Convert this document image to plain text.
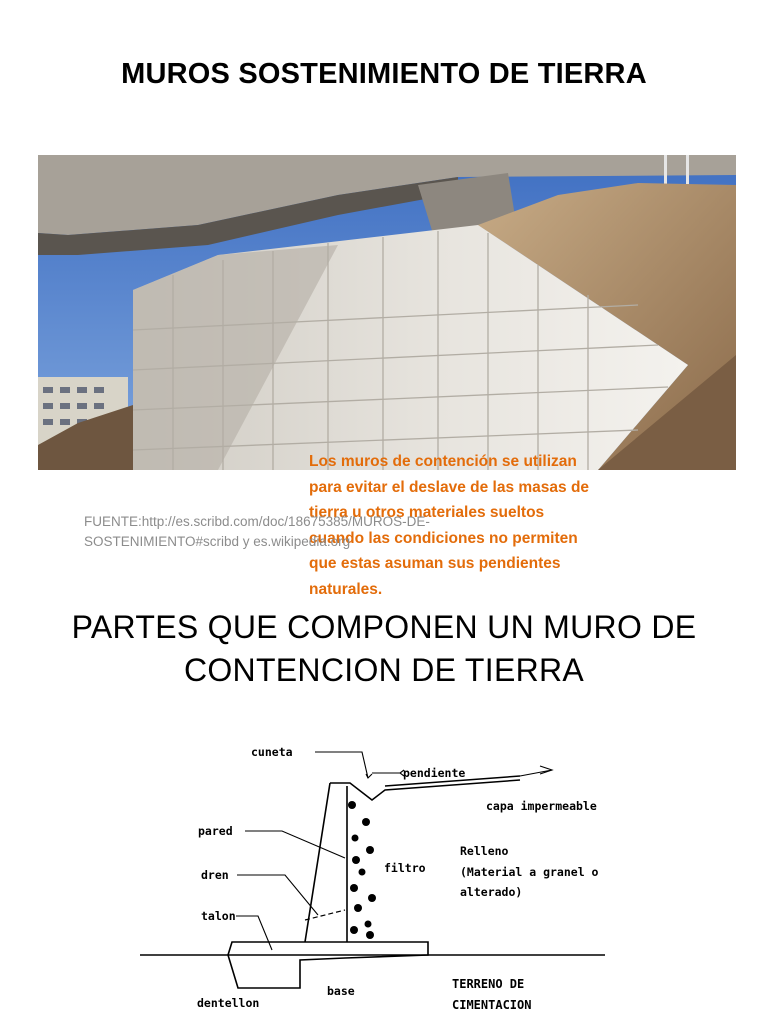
MUROS SOSTENIMIENTO DE TIERRA
Los muros de contención se utilizan
para evitar el deslave de las masas de
tierra u otros materiales sueltos
cuando las condiciones no permiten
que estas asuman sus pendientes
naturales.
FUENTE:http://es.scribd.com/doc/18675385/MUROS-DE-
SOSTENIMIENTO#scribd y es.wikipedia.org
PARTES QUE COMPONEN UN MURO DE
CONTENCION DE TIERRA
cuneta
pendiente
capa impermeable
pared
filtro
Relleno
(Material a granel o
alterado)
dren
talon
dentellon
base	TERRENO DE
CIMENTACION
